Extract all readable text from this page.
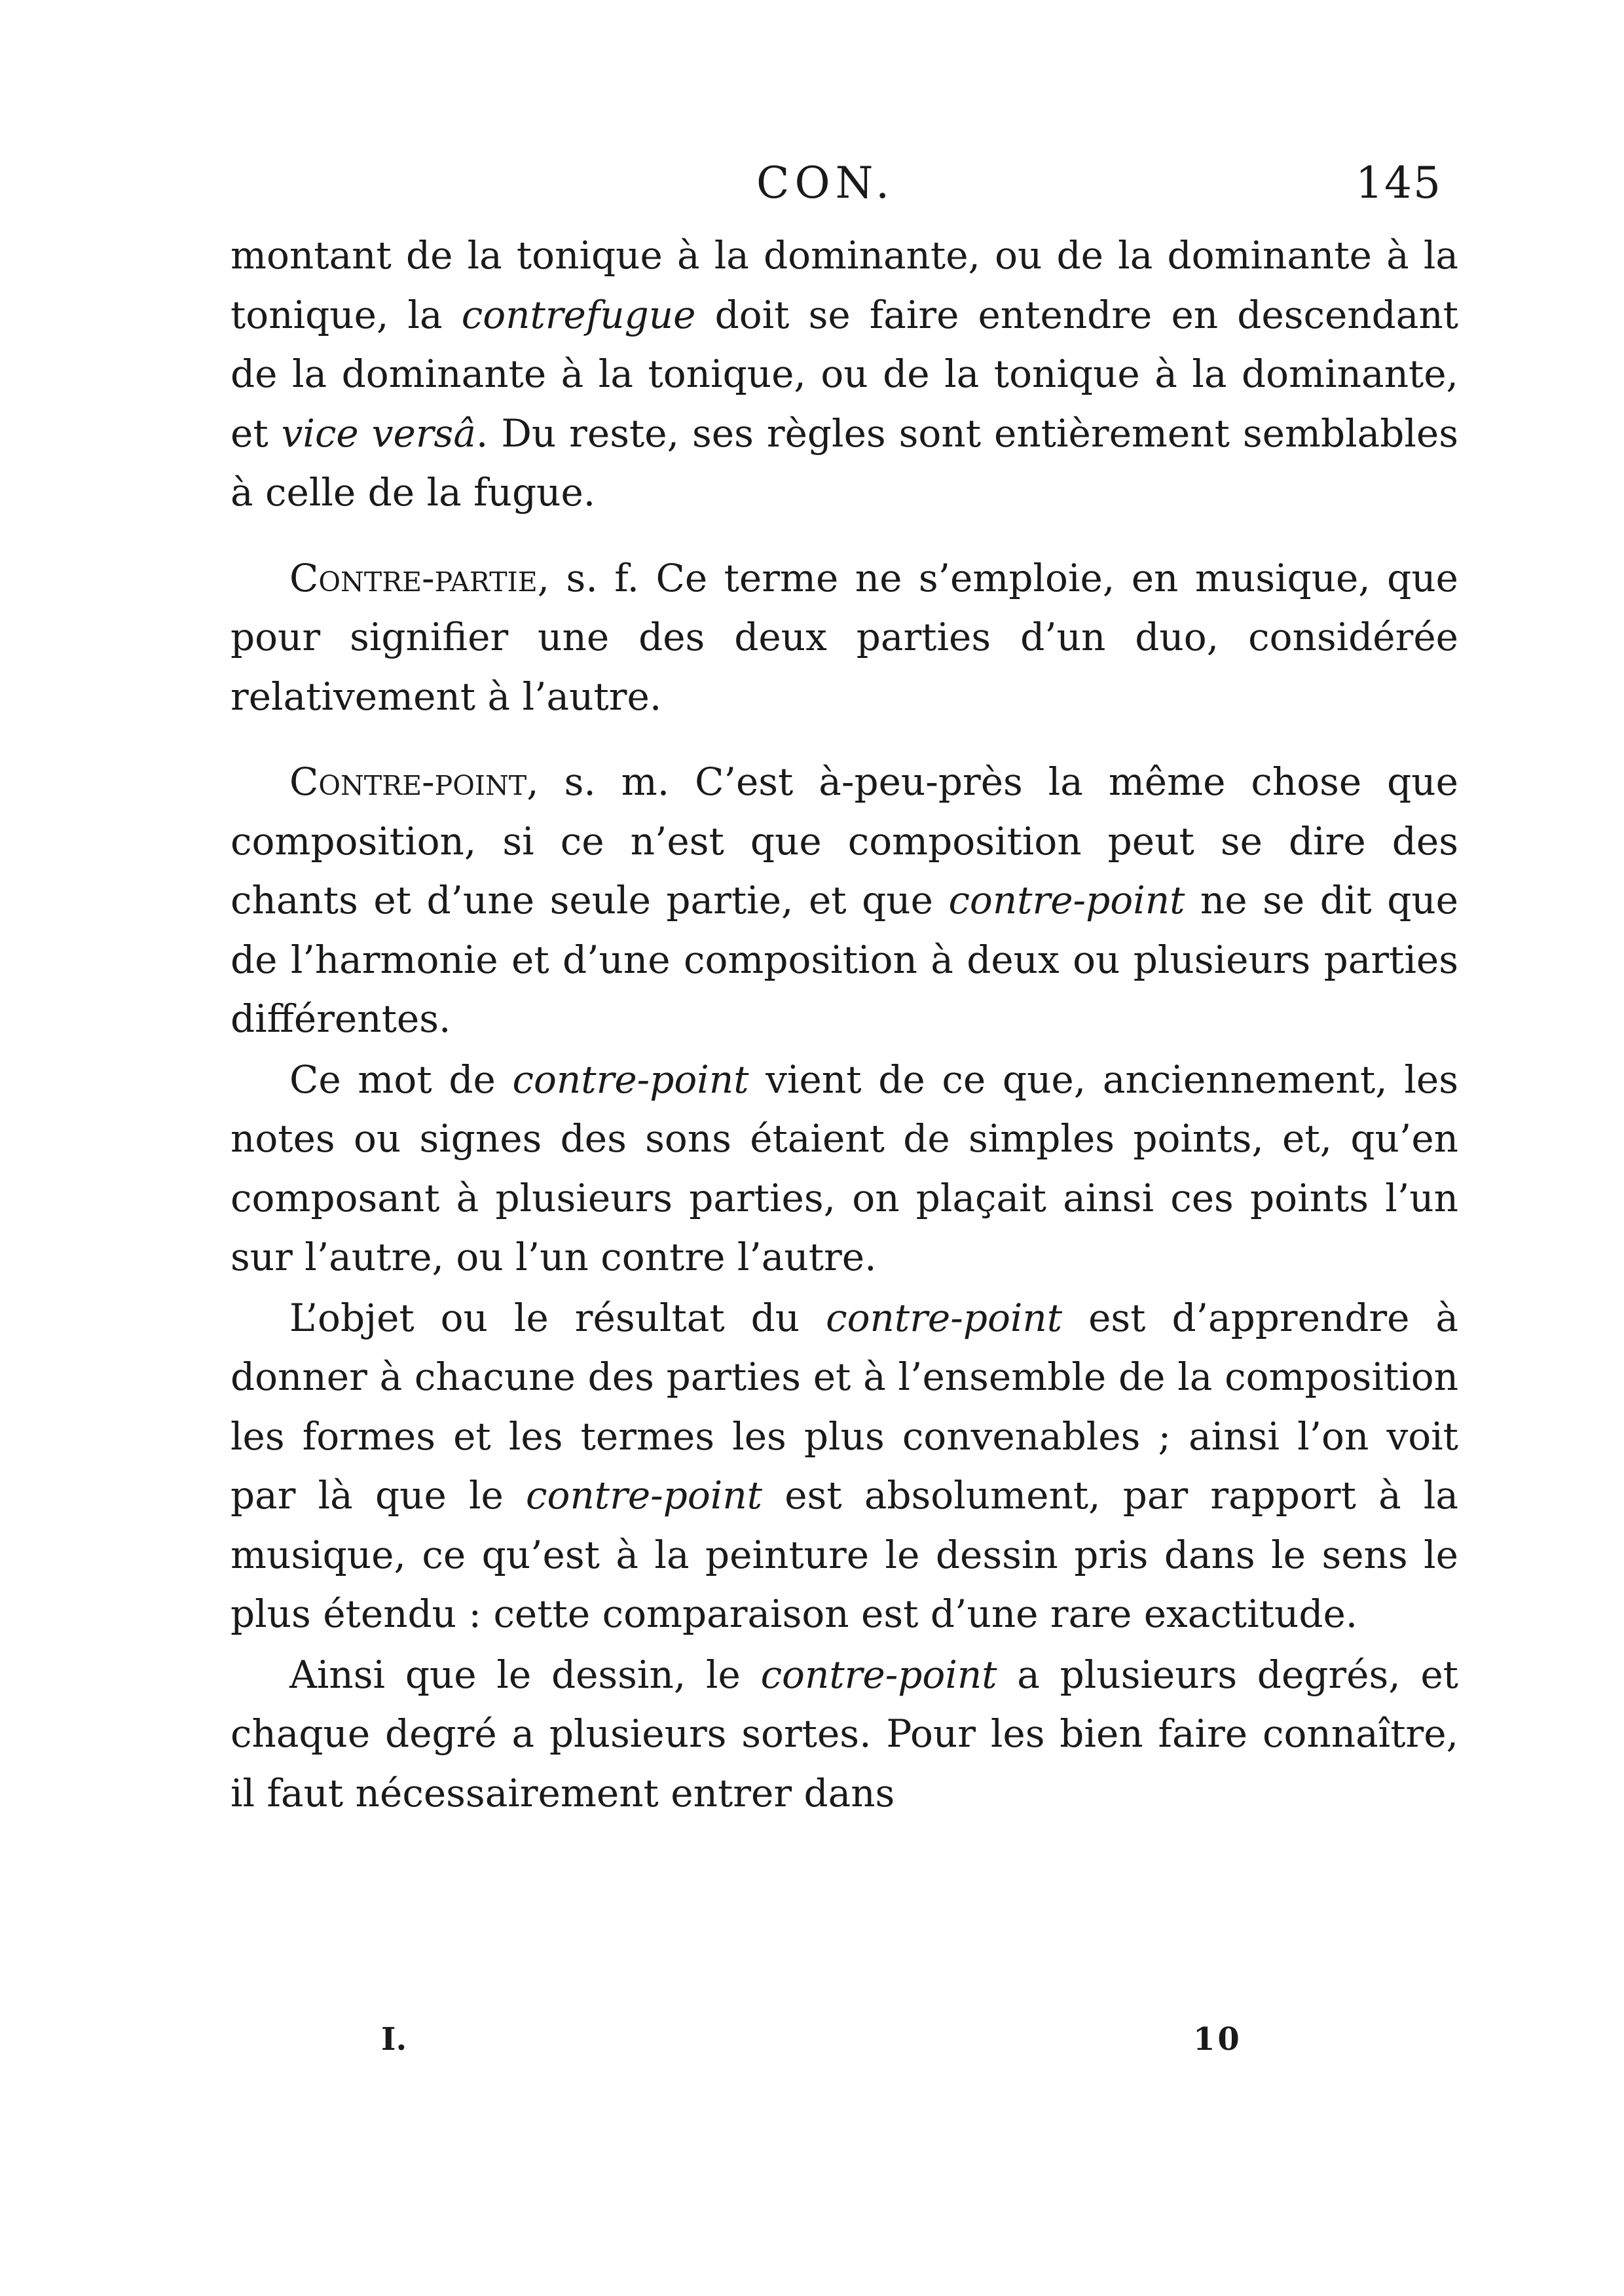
CON.	145

montant de la tonique à la dominante, ou de la dominante à la tonique, la contrefugue doit se faire entendre en descendant de la dominante à la tonique, ou de la tonique à la dominante, et vice versâ. Du reste, ses règles sont entièrement semblables à celle de la fugue.

Contre-partie, s. f. Ce terme ne s’emploie, en musique, que pour signifier une des deux parties d’un duo, considérée relativement à l’autre.

Contre-point, s. m. C’est à-peu-près la même chose que composition, si ce n’est que composition peut se dire des chants et d’une seule partie, et que contre-point ne se dit que de l’harmonie et d’une composition à deux ou plusieurs parties différentes.

Ce mot de contre-point vient de ce que, anciennement, les notes ou signes des sons étaient de simples points, et, qu’en composant à plusieurs parties, on plaçait ainsi ces points l’un sur l’autre, ou l’un contre l’autre.

L’objet ou le résultat du contre-point est d’apprendre à donner à chacune des parties et à l’ensemble de la composition les formes et les termes les plus convenables ; ainsi l’on voit par là que le contre-point est absolument, par rapport à la musique, ce qu’est à la peinture le dessin pris dans le sens le plus étendu : cette comparaison est d’une rare exactitude.

Ainsi que le dessin, le contre-point a plusieurs degrés, et chaque degré a plusieurs sortes. Pour les bien faire connaître, il faut nécessairement entrer dans

I.	10
